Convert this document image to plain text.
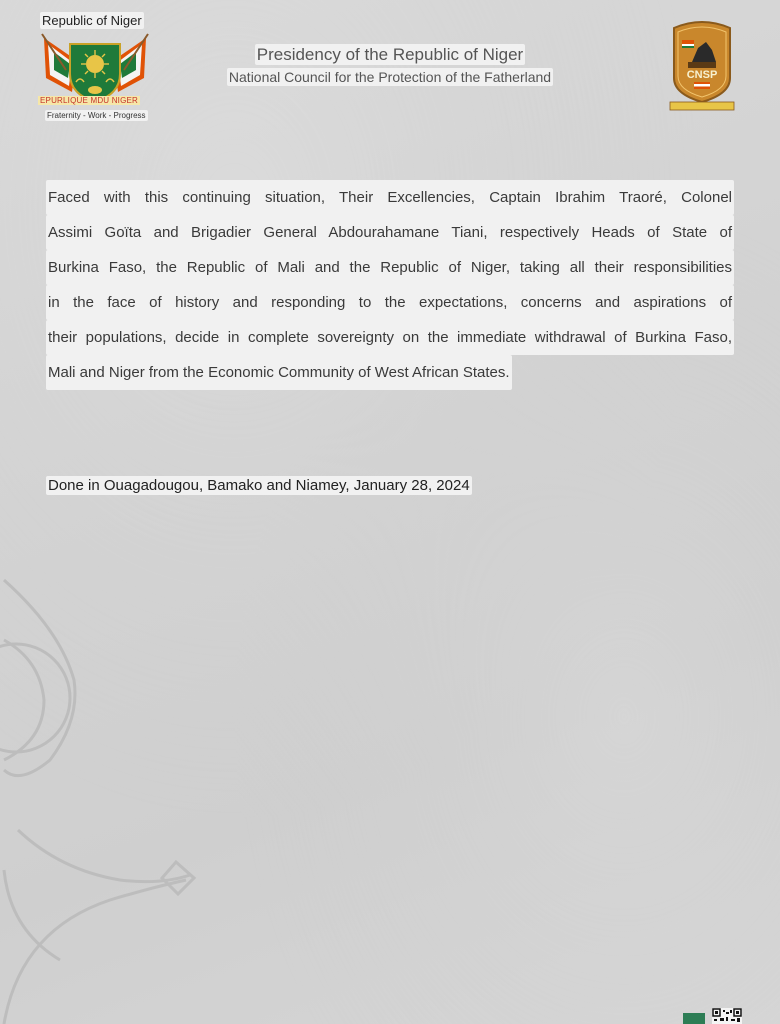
Republic of Niger
EPURLIQUE MDU NIGER
Fraternity - Work - Progress
Presidency of the Republic of Niger
National Council for the Protection of the Fatherland	CNSP
Faced with this continuing situation, Their Excellencies, Captain Ibrahim Traoré, Colonel
Assimi Goïta and Brigadier General Abdourahamane Tiani, respectively Heads of State of
Burkina Faso, the Republic of Mali and the Republic of Niger, taking all their responsibilities
in the face of history and responding to the expectations, concerns and aspirations of
their populations, decide in complete sovereignty on the immediate withdrawal of Burkina Faso,
Mali and Niger from the Economic Community of West African States.
Done in Ouagadougou, Bamako and Niamey, January 28, 2024
